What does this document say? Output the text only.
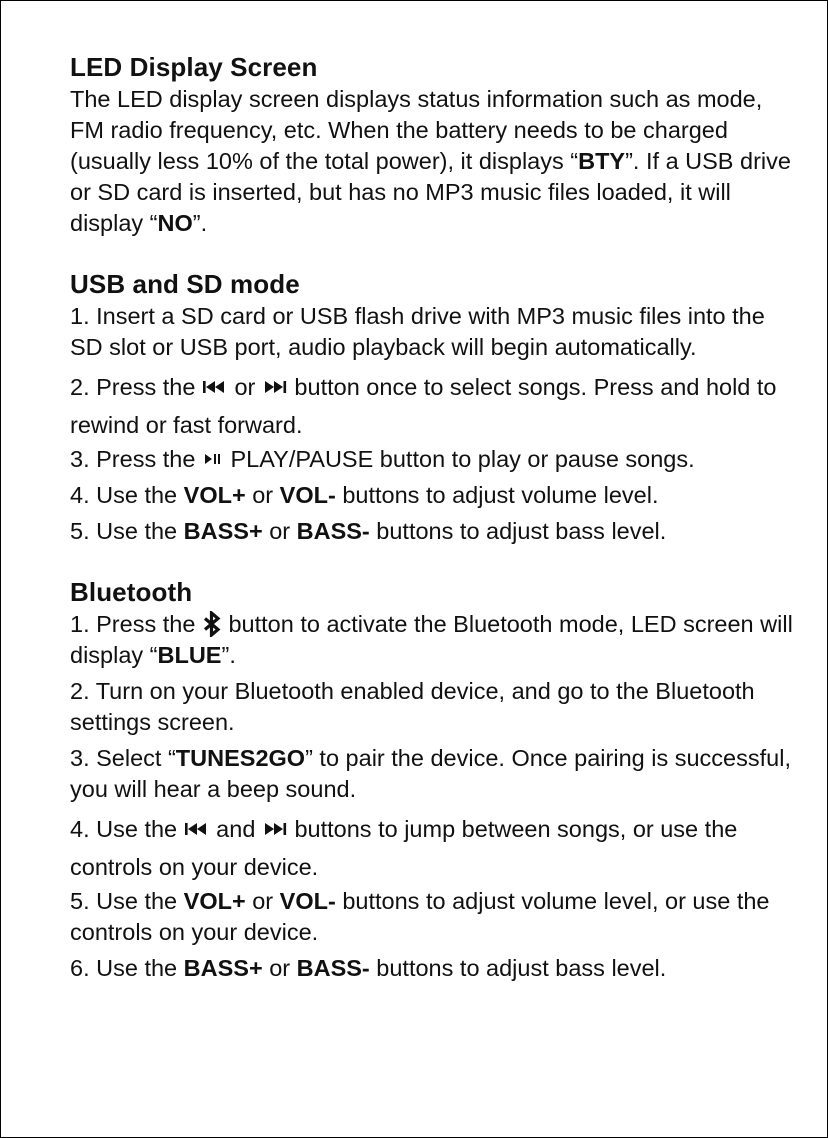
LED Display Screen

The LED display screen displays status information such as mode, FM radio frequency, etc. When the battery needs to be charged (usually less 10% of the total power), it displays “BTY”. If a USB drive or SD card is inserted, but has no MP3 music files loaded, it will display “NO”.

USB and SD mode

1. Insert a SD card or USB flash drive with MP3 music files into the SD slot or USB port, audio playback will begin automatically.

2. Press the
or
button once to select songs. Press and hold to rewind or fast forward.

3. Press the
PLAY/PAUSE button to play or pause songs.

4. Use the VOL+ or VOL- buttons to adjust volume level.

5. Use the BASS+ or BASS- buttons to adjust bass level.

Bluetooth

1. Press the
button to activate the Bluetooth mode, LED screen will display “BLUE”.

2. Turn on your Bluetooth enabled device, and go to the Bluetooth settings screen.

3. Select “TUNES2GO” to pair the device. Once pairing is successful, you will hear a beep sound.

4. Use the
and
buttons to jump between songs, or use the controls on your device.

5. Use the VOL+ or VOL- buttons to adjust volume level, or use the controls on your device.

6. Use the BASS+ or BASS- buttons to adjust bass level.
